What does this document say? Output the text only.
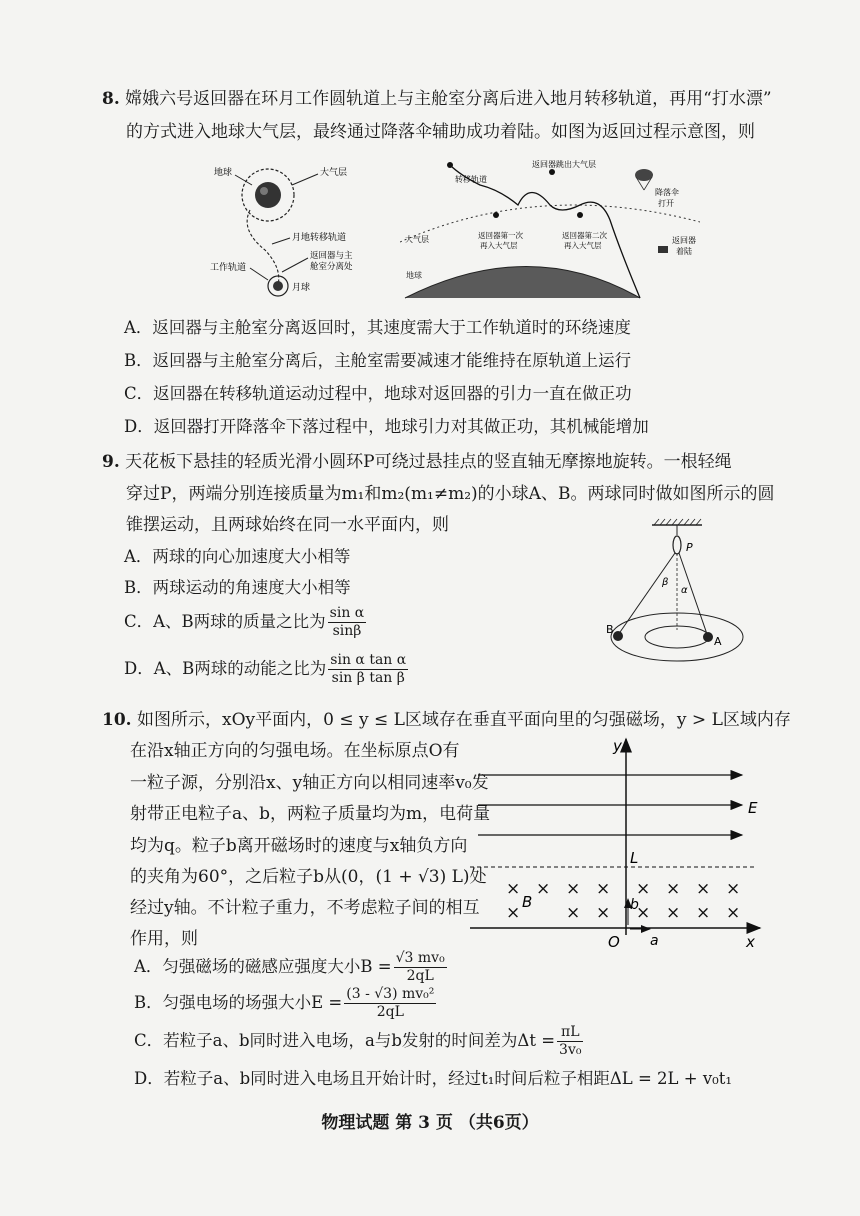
8. 嫦娥六号返回器在环月工作圆轨道上与主舱室分离后进入地月转移轨道，再用“打水漂”
的方式进入地球大气层，最终通过降落伞辅助成功着陆。如图为返回过程示意图，则
地球	大气层
月地转移轨道
返回器与主
舱室分离处
工作轨道
月球
转移轨道
返回器跳出大气层
降落伞
打开
大气层	返回器第一次
再入大气层
返回器第二次
再入大气层
返回器
着陆
地球
A．返回器与主舱室分离返回时，其速度需大于工作轨道时的环绕速度
B．返回器与主舱室分离后，主舱室需要减速才能维持在原轨道上运行
C．返回器在转移轨道运动过程中，地球对返回器的引力一直在做正功
D．返回器打开降落伞下落过程中，地球引力对其做正功，其机械能增加
9. 天花板下悬挂的轻质光滑小圆环P可绕过悬挂点的竖直轴无摩擦地旋转。一根轻绳
穿过P，两端分别连接质量为m₁和m₂(m₁≠m₂)的小球A、B。两球同时做如图所示的圆
锥摆运动，且两球始终在同一水平面内，则
A．两球的向心加速度大小相等
B．两球运动的角速度大小相等
C．A、B两球的质量之比为 $\frac{\text{sin α}}{\sin\beta}$
D．A、B两球的动能之比为 $\frac{\text{sin α tan α}}{\text{sin β tan β}}$
P
β
α
B
A
10. 如图所示，xOy平面内，0 ≤ y ≤ L区域存在垂直平面向里的匀强磁场，y > L区域内存
在沿x轴正方向的匀强电场。在坐标原点O有
一粒子源，分别沿x、y轴正方向以相同速率v₀发
射带正电粒子a、b，两粒子质量均为m，电荷量
均为q。粒子b离开磁场时的速度与x轴负方向
的夹角为60°，之后粒子b从(0，(1 + √3) L)处
经过y轴。不计粒子重力，不考虑粒子间的相互
作用，则
× × × × × × × ×
×	× × × × × ×
y
x
E
L
B	b
O a
A．匀强磁场的磁感应强度大小$B = \frac{\text{√3 mv₀}}{2qL}$
B．匀强电场的场强大小$E = \frac{\text{(3 - √3) mv₀²}}{2qL}$
C．若粒子a、b同时进入电场，a与b发射的时间差为$\Delta t = \frac{\pi L}{\text{3v₀}}$
D．若粒子a、b同时进入电场且开始计时，经过t₁时间后粒子相距ΔL = 2L + v₀t₁
物理试题 第 3 页 （共6页）
